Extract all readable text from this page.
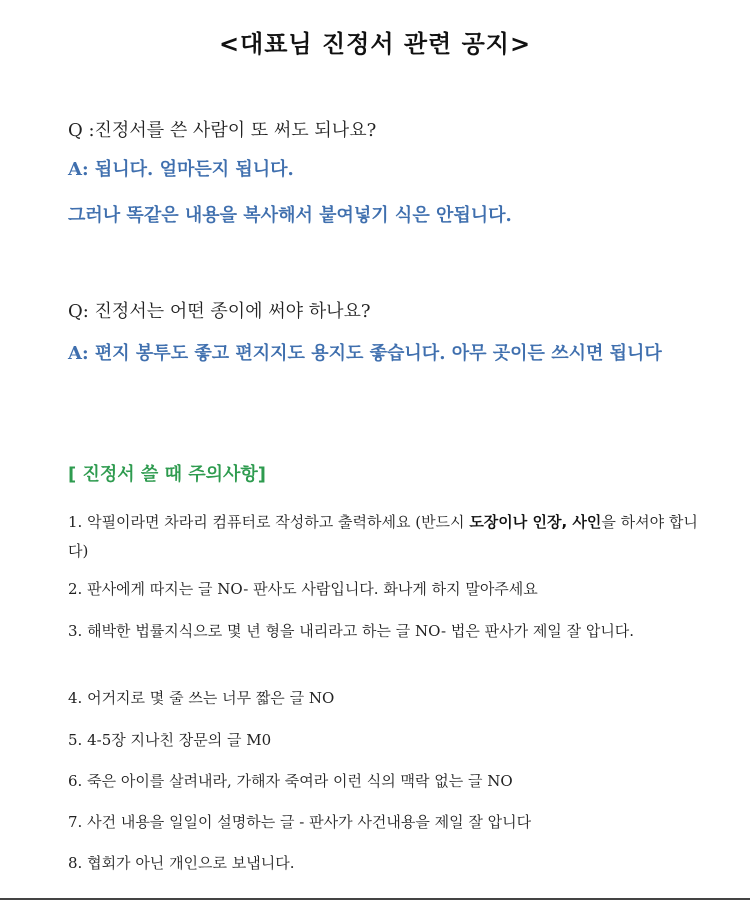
<대표님 진정서 관련 공지>
Q :진정서를 쓴 사람이 또 써도 되나요?
A: 됩니다. 얼마든지 됩니다.
그러나 똑같은 내용을 복사해서 붙여넣기 식은 안됩니다.
Q: 진정서는 어떤 종이에 써야 하나요?
A: 편지 봉투도 좋고 편지지도 용지도 좋습니다. 아무 곳이든 쓰시면 됩니다
[ 진정서 쓸 때 주의사항]
1. 악필이라면 차라리 컴퓨터로 작성하고 출력하세요 (반드시 도장이나 인장, 사인을 하셔야 합니다)
2. 판사에게 따지는 글 NO- 판사도 사람입니다. 화나게 하지 말아주세요
3. 해박한 법률지식으로 몇 년 형을 내리라고 하는 글 NO- 법은 판사가 제일 잘 압니다.
4. 어거지로 몇 줄 쓰는 너무 짧은 글 NO
5. 4-5장 지나친 장문의 글 M0
6. 죽은 아이를 살려내라, 가해자 죽여라 이런 식의 맥락 없는 글 NO
7. 사건 내용을 일일이 설명하는 글 - 판사가 사건내용을 제일 잘 압니다
8. 협회가 아닌 개인으로 보냅니다.
